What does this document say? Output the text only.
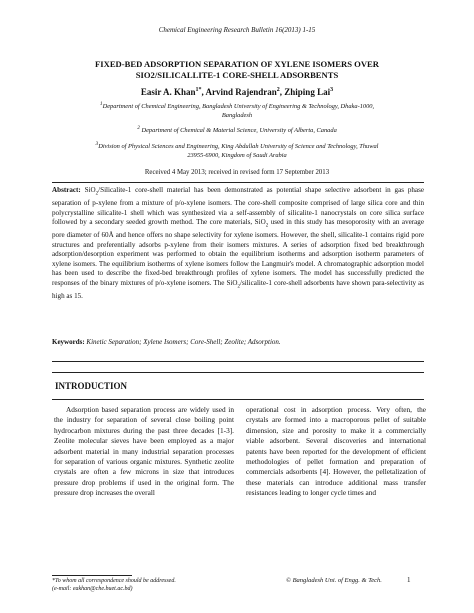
Chemical Engineering Research Bulletin 16(2013) 1-15
FIXED-BED ADSORPTION SEPARATION OF XYLENE ISOMERS OVER
SIO2/SILICALLITE-1 CORE-SHELL ADSORBENTS
Easir A. Khan$^{1*}$, Arvind Rajendran$^2$, Zhiping Lai$^3$
$^1$Department of Chemical Engineering, Bangladesh University of Engineering & Technology, Dhaka-1000,
Bangladesh
$^2$ Department of Chemical & Material Science, University of Alberta, Canada
$^3$Division of Physical Sciences and Engineering, King Abdullah University of Science and Technology, Thuwal
23955-6900, Kingdom of Saudi Arabia
Received 4 May 2013; received in revised form 17 September 2013
Abstract: SiO$_2$/Silicalite-1 core-shell material has been demonstrated as potential shape selective adsorbent in gas phase separation of p-xylene from a mixture of p/o-xylene isomers. The core-shell composite comprised of large silica core and thin polycrystalline silicalite-1 shell which was synthesized via a self-assembly of silicalite-1 nanocrystals on core silica surface followed by a secondary seeded growth method. The core materials, SiO$_2$ used in this study has mesoporosity with an average pore diameter of 60Å and hence offers no shape selectivity for xylene isomers. However, the shell, silicalite-1 contains rigid pore structures and preferentially adsorbs p-xylene from their isomers mixtures. A series of adsorption fixed bed breakthrough adsorption/desorption experiment was performed to obtain the equilibrium isotherms and adsorption isotherm parameters of xylene isomers. The equilibrium isotherms of xylene isomers follow the Langmuir's model. A chromatographic adsorption model has been used to describe the fixed-bed breakthrough profiles of xylene isomers. The model has successfully predicted the responses of the binary mixtures of p/o-xylene isomers. The SiO$_2$/silicalite-1 core-shell adsorbents have shown para-selectivity as high as 15.
Keywords: Kinetic Separation; Xylene Isomers; Core-Shell; Zeolite; Adsorption.
INTRODUCTION
Adsorption based separation process are widely used in the industry for separation of several close boiling point hydrocarbon mixtures during the past three decades [1-3]. Zeolite molecular sieves have been employed as a major adsorbent material in many industrial separation processes for separation of various organic mixtures. Synthetic zeolite crystals are often a few microns in size that introduces pressure drop problems if used in the original form. The pressure drop increases the overall
operational cost in adsorption process. Very often, the crystals are formed into a macroporous pellet of suitable dimension, size and porosity to make it a commercially viable adsorbent. Several discoveries and international patents have been reported for the development of efficient methodologies of pellet formation and preparation of commercials adsorbents [4]. However, the pelletalization of these materials can introduce additional mass transfer resistances leading to longer cycle times and
*To whom all correspondence should be addressed.
(e-mail: eakhan@che.buet.ac.bd)
© Bangladesh Uni. of Engg. & Tech.	1
